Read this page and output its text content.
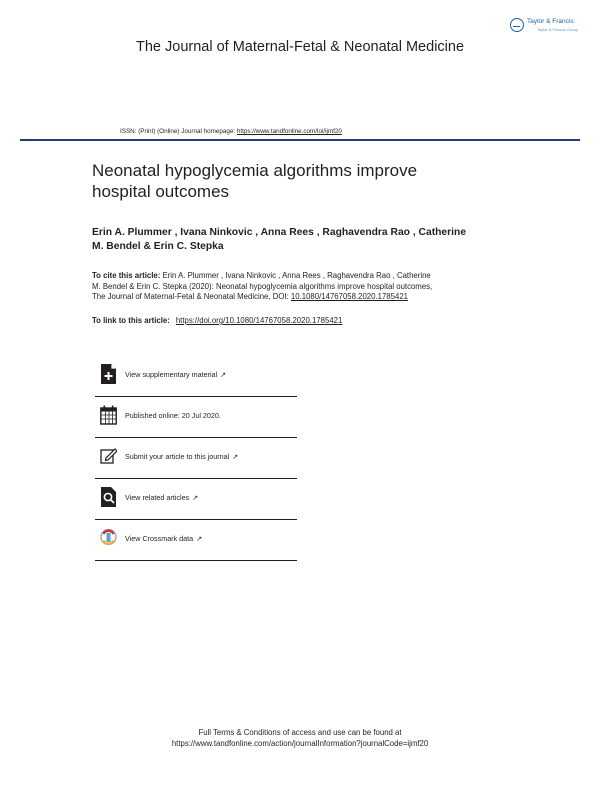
The Journal of Maternal-Fetal & Neonatal Medicine
Taylor & Francis
Taylor & Francis Group
ISSN: (Print) (Online) Journal homepage: https://www.tandfonline.com/loi/ijmf20
Neonatal hypoglycemia algorithms improve
hospital outcomes
Erin A. Plummer , Ivana Ninkovic , Anna Rees , Raghavendra Rao , Catherine
M. Bendel & Erin C. Stepka
To cite this article: Erin A. Plummer , Ivana Ninkovic , Anna Rees , Raghavendra Rao , Catherine
M. Bendel & Erin C. Stepka (2020): Neonatal hypoglycemia algorithms improve hospital outcomes,
The Journal of Maternal-Fetal & Neonatal Medicine, DOI: 10.1080/14767058.2020.1785421
To link to this article: https://doi.org/10.1080/14767058.2020.1785421
View supplementary material ↗
Published online: 20 Jul 2020.
Submit your article to this journal ↗
View related articles ↗
View Crossmark data ↗
Full Terms & Conditions of access and use can be found at
https://www.tandfonline.com/action/journalInformation?journalCode=ijmf20
